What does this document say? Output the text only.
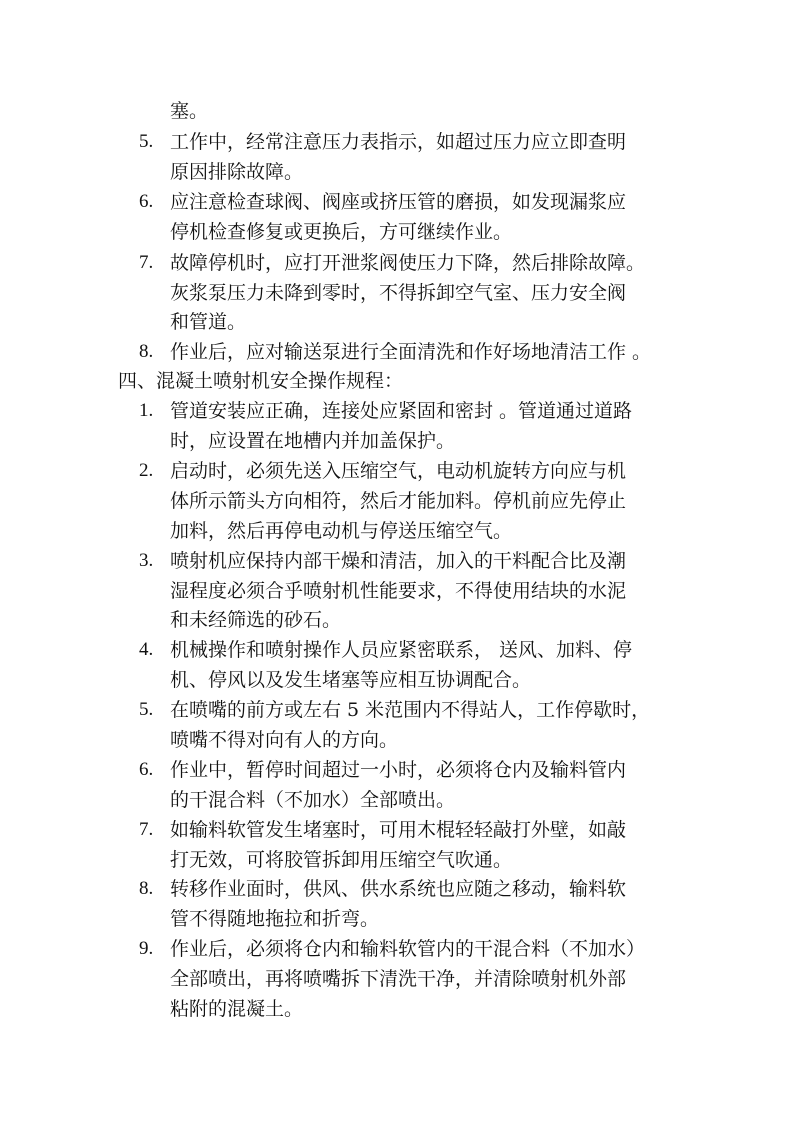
塞。
5. 工作中，经常注意压力表指示，如超过压力应立即查明
原因排除故障。
6. 应注意检查球阀、阀座或挤压管的磨损，如发现漏浆应
停机检查修复或更换后，方可继续作业。
7. 故障停机时，应打开泄浆阀使压力下降，然后排除故障。
灰浆泵压力未降到零时，不得拆卸空气室、压力安全阀
和管道。
8. 作业后，应对输送泵进行全面清洗和作好场地清洁工作 。
四、混凝土喷射机安全操作规程：
1. 管道安装应正确，连接处应紧固和密封 。管道通过道路
时，应设置在地槽内并加盖保护。
2. 启动时，必须先送入压缩空气，电动机旋转方向应与机
体所示箭头方向相符，然后才能加料。停机前应先停止
加料，然后再停电动机与停送压缩空气。
3. 喷射机应保持内部干燥和清洁，加入的干料配合比及潮
湿程度必须合乎喷射机性能要求，不得使用结块的水泥
和未经筛选的砂石。
4. 机械操作和喷射操作人员应紧密联系， 送风、加料、停
机、停风以及发生堵塞等应相互协调配合。
5. 在喷嘴的前方或左右 5 米范围内不得站人，工作停歇时，
喷嘴不得对向有人的方向。
6. 作业中，暂停时间超过一小时，必须将仓内及输料管内
的干混合料（不加水）全部喷出。
7. 如输料软管发生堵塞时，可用木棍轻轻敲打外壁，如敲
打无效，可将胶管拆卸用压缩空气吹通。
8. 转移作业面时，供风、供水系统也应随之移动，输料软
管不得随地拖拉和折弯。
9. 作业后，必须将仓内和输料软管内的干混合料（不加水）
全部喷出，再将喷嘴拆下清洗干净，并清除喷射机外部
粘附的混凝土。
